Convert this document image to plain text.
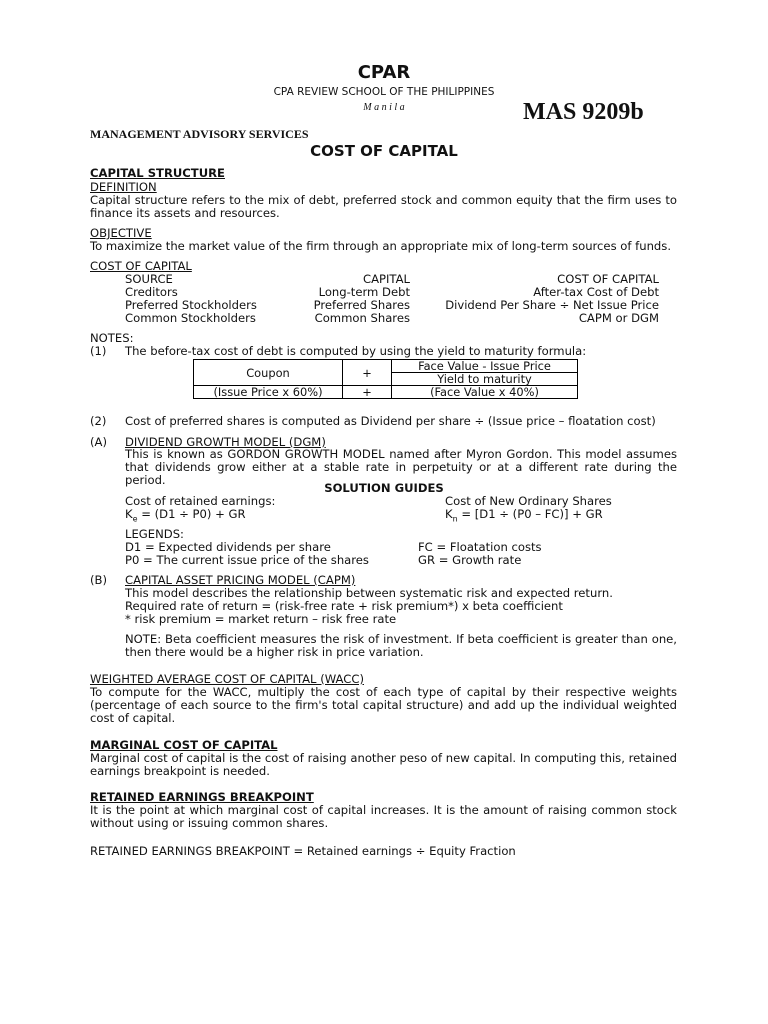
CPAR
CPA REVIEW SCHOOL OF THE PHILIPPINES
M a n i l a	MAS 9209b
MANAGEMENT ADVISORY SERVICES
COST OF CAPITAL
CAPITAL STRUCTURE
DEFINITION
Capital structure refers to the mix of debt, preferred stock and common equity that the firm uses to finance its assets and resources.
OBJECTIVE
To maximize the market value of the firm through an appropriate mix of long-term sources of funds.
COST OF CAPITAL
SOURCE	CAPITAL	COST OF CAPITAL
Creditors	Long-term Debt	After-tax Cost of Debt
Preferred Stockholders	Preferred Shares	Dividend Per Share ÷ Net Issue Price
Common Stockholders	Common Shares	CAPM or DGM
NOTES:
(1) The before-tax cost of debt is computed by using the yield to maturity formula:
Coupon	+	Face Value - Issue Price
		Yield to maturity
(Issue Price x 60%)	+	(Face Value x 40%)
(2) Cost of preferred shares is computed as Dividend per share ÷ (Issue price – floatation cost)
(A) DIVIDEND GROWTH MODEL (DGM)
This is known as GORDON GROWTH MODEL named after Myron Gordon. This model assumes that dividends grow either at a stable rate in perpetuity or at a different rate during the period.
SOLUTION GUIDES
Cost of retained earnings:	Cost of New Ordinary Shares
$K_e = (D1 \div P0)$ + GR	$K_n = [D1 \div (P0 - FC)]$ + GR
LEGENDS:
D1 = Expected dividends per share	FC = Floatation costs
P0 = The current issue price of the shares	GR = Growth rate
(B) CAPITAL ASSET PRICING MODEL (CAPM)
This model describes the relationship between systematic risk and expected return.
Required rate of return = (risk-free rate + risk premium*) x beta coefficient
* risk premium = market return – risk free rate
NOTE: Beta coefficient measures the risk of investment. If beta coefficient is greater than one, then there would be a higher risk in price variation.
WEIGHTED AVERAGE COST OF CAPITAL (WACC)
To compute for the WACC, multiply the cost of each type of capital by their respective weights (percentage of each source to the firm's total capital structure) and add up the individual weighted cost of capital.
MARGINAL COST OF CAPITAL
Marginal cost of capital is the cost of raising another peso of new capital. In computing this, retained earnings breakpoint is needed.
RETAINED EARNINGS BREAKPOINT
It is the point at which marginal cost of capital increases. It is the amount of raising common stock without using or issuing common shares.
RETAINED EARNINGS BREAKPOINT = Retained earnings ÷ Equity Fraction
